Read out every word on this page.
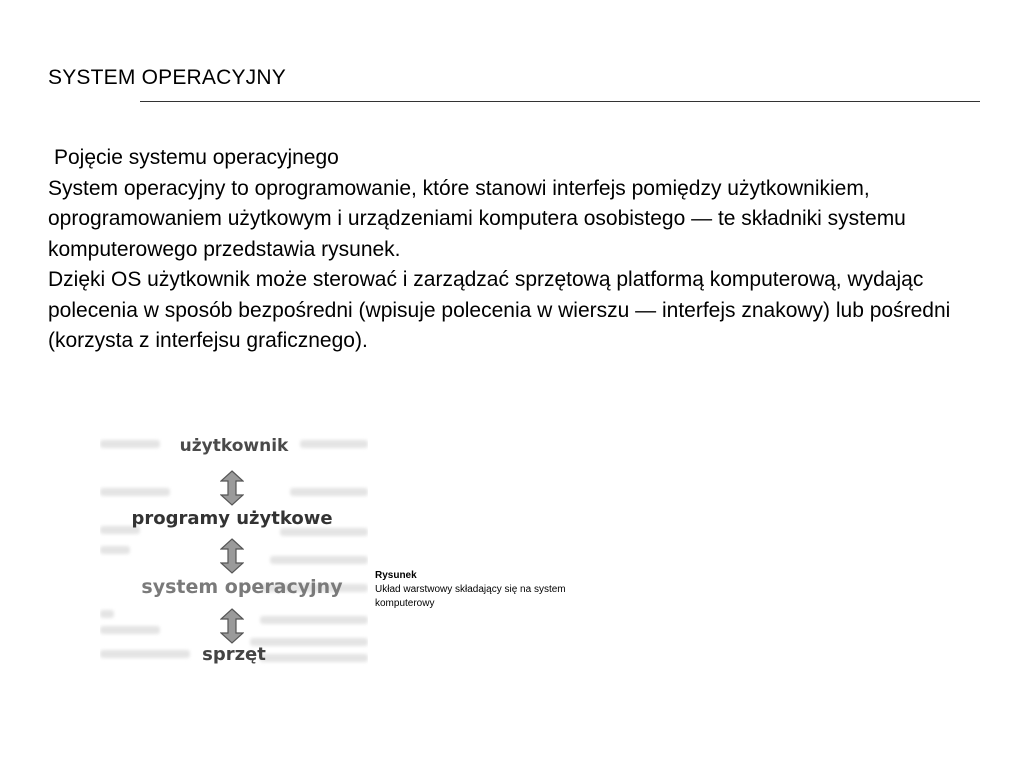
SYSTEM OPERACYJNY

Pojęcie systemu operacyjnego

System operacyjny to oprogramowanie, które stanowi interfejs pomiędzy użytkownikiem, oprogramowaniem użytkowym i urządzeniami komputera osobistego — te składniki systemu komputerowego przedstawia rysunek.

Dzięki OS użytkownik może sterować i zarządzać sprzętową platformą komputerową, wydając polecenia w sposób bezpośredni (wpisuje polecenia w wierszu — interfejs znakowy) lub pośredni (korzysta z interfejsu graficznego).

użytkownik
programy użytkowe
system operacyjny
sprzęt
Rysunek
Układ warstwowy składający się na system komputerowy
